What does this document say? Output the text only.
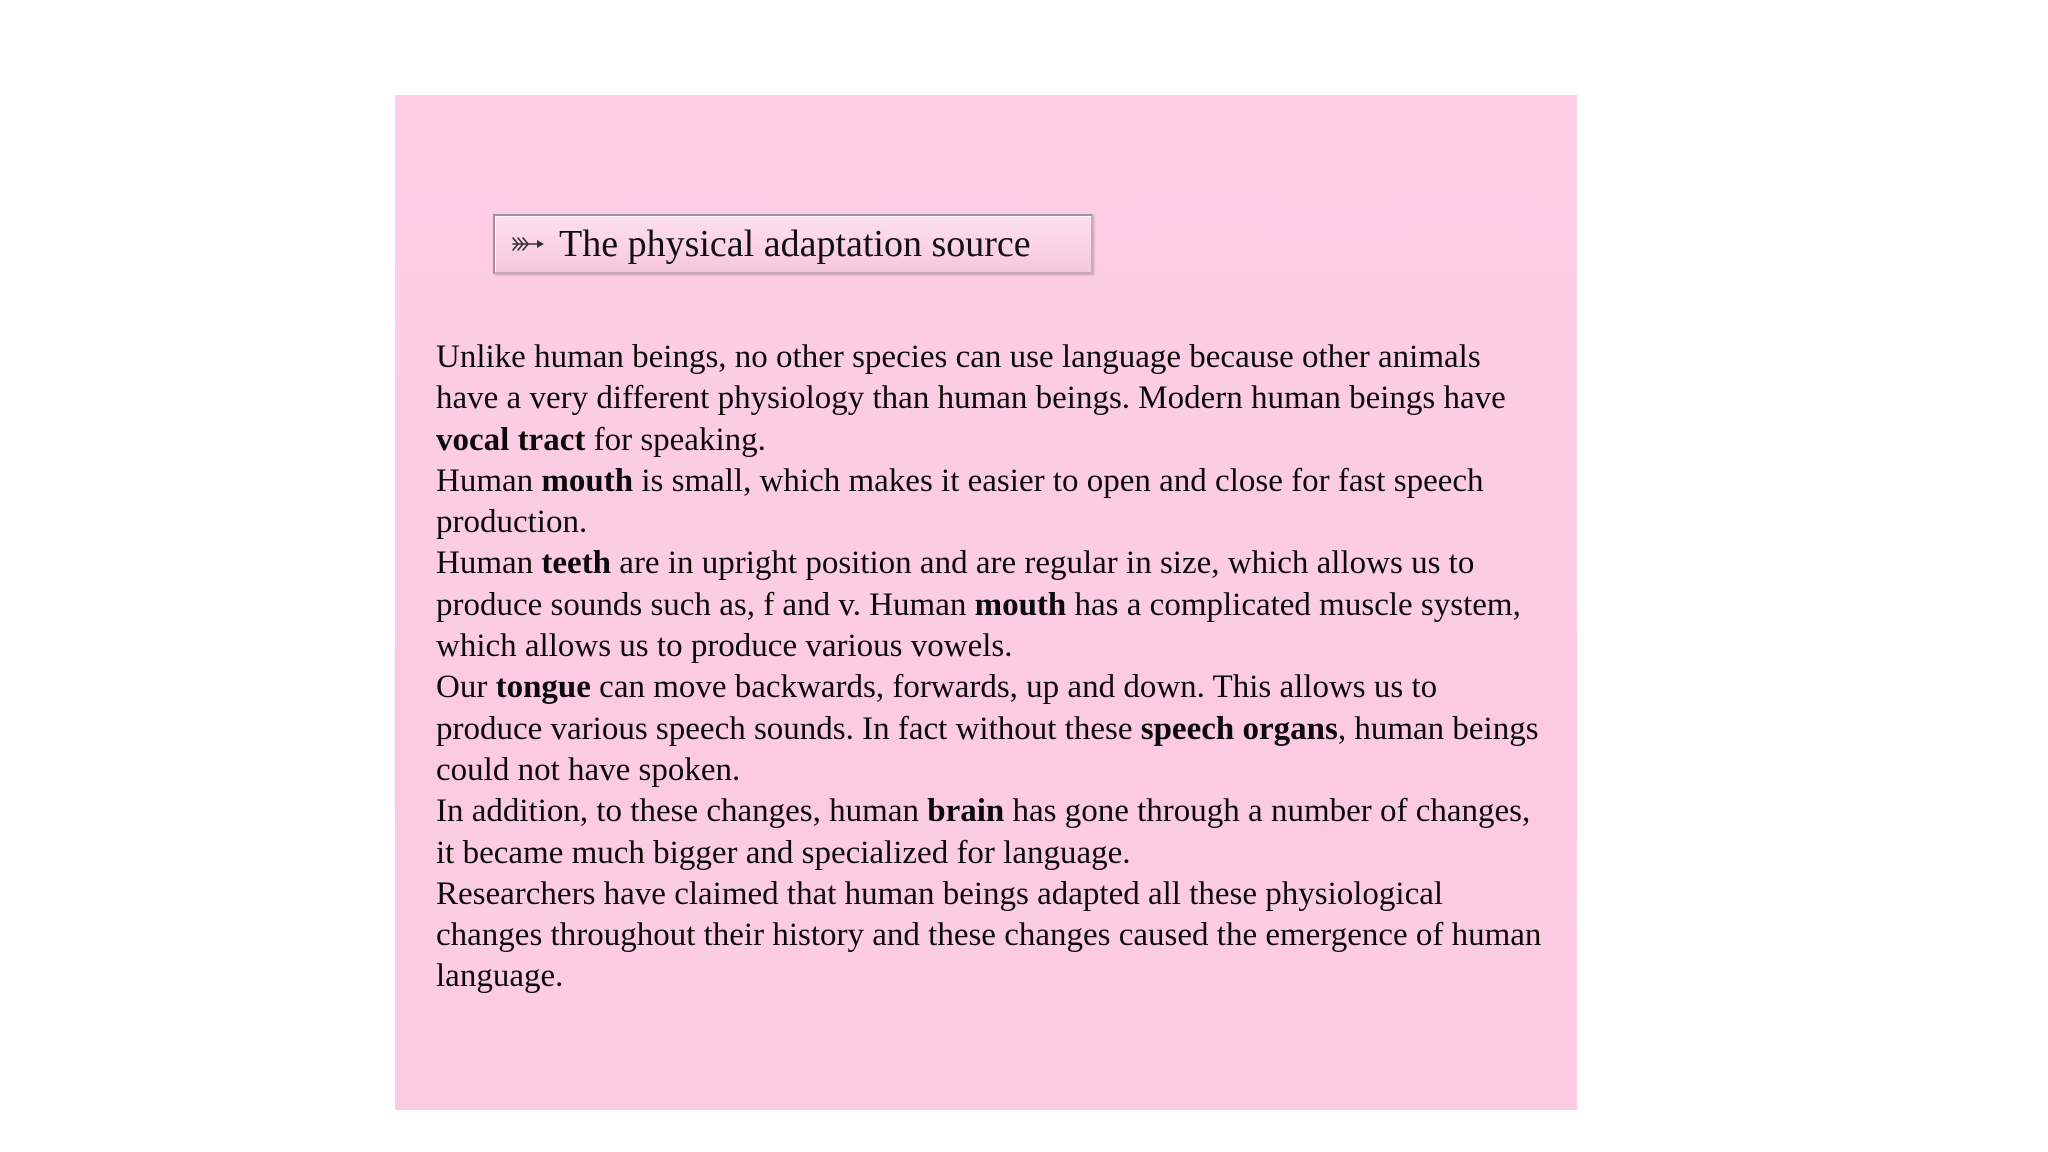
The physical adaptation source

Unlike human beings, no other species can use language because other animals have a very different physiology than human beings. Modern human beings have vocal tract for speaking.

Human mouth is small, which makes it easier to open and close for fast speech production.

Human teeth are in upright position and are regular in size, which allows us to produce sounds such as, f and v. Human mouth has a complicated muscle system, which allows us to produce various vowels.

Our tongue can move backwards, forwards, up and down. This allows us to produce various speech sounds. In fact without these speech organs, human beings could not have spoken.

In addition, to these changes, human brain has gone through a number of changes, it became much bigger and specialized for language.

Researchers have claimed that human beings adapted all these physiological changes throughout their history and these changes caused the emergence of human language.
